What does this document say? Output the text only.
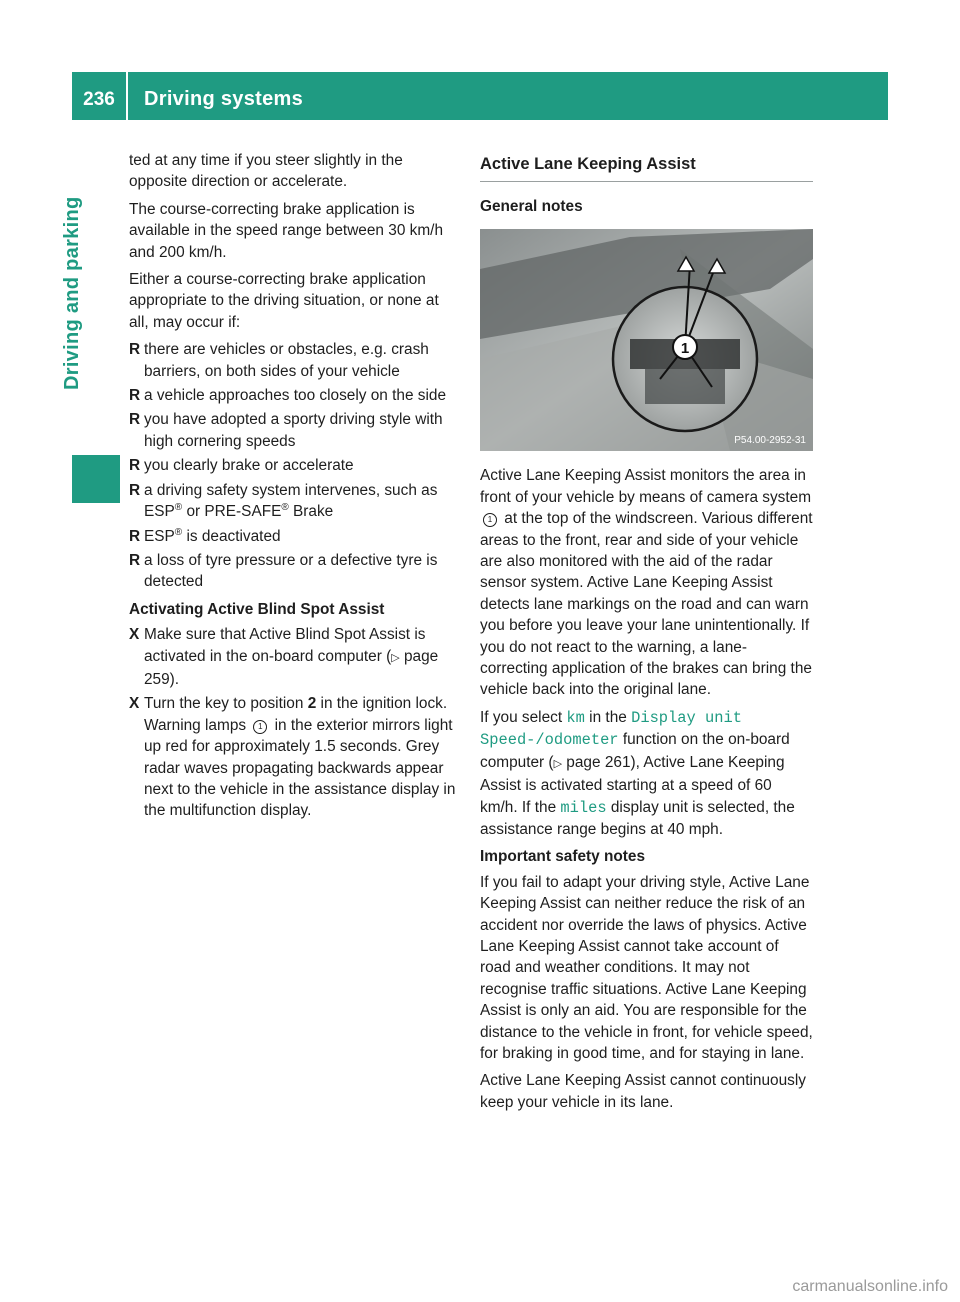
236	Driving systems
Driving and parking

ted at any time if you steer slightly in the opposite direction or accelerate.

The course-correcting brake application is available in the speed range between 30 km/h and 200 km/h.

Either a course-correcting brake application appropriate to the driving situation, or none at all, may occur if:

R there are vehicles or obstacles, e.g. crash barriers, on both sides of your vehicle
R a vehicle approaches too closely on the side
R you have adopted a sporty driving style with high cornering speeds
R you clearly brake or accelerate
R a driving safety system intervenes, such as ESP® or PRE-SAFE® Brake
R ESP® is deactivated
R a loss of tyre pressure or a defective tyre is detected
Activating Active Blind Spot Assist
X Make sure that Active Blind Spot Assist is activated in the on-board computer (▷ page 259).
X Turn the key to position 2 in the ignition lock.
Warning lamps 1 in the exterior mirrors light up red for approximately 1.5 seconds. Grey radar waves propagating backwards appear next to the vehicle in the assistance display in the multifunction display.
Active Lane Keeping Assist
General notes
1
P54.00-2952-31

Active Lane Keeping Assist monitors the area in front of your vehicle by means of camera system 1 at the top of the windscreen. Various different areas to the front, rear and side of your vehicle are also monitored with the aid of the radar sensor system. Active Lane Keeping Assist detects lane markings on the road and can warn you before you leave your lane unintentionally. If you do not react to the warning, a lane-correcting application of the brakes can bring the vehicle back into the original lane.

If you select km in the Display unit Speed-/odometer function on the on-board computer (▷ page 261), Active Lane Keeping Assist is activated starting at a speed of 60 km/h. If the miles display unit is selected, the assistance range begins at 40 mph.

Important safety notes

If you fail to adapt your driving style, Active Lane Keeping Assist can neither reduce the risk of an accident nor override the laws of physics. Active Lane Keeping Assist cannot take account of road and weather conditions. It may not recognise traffic situations. Active Lane Keeping Assist is only an aid. You are responsible for the distance to the vehicle in front, for vehicle speed, for braking in good time, and for staying in lane.

Active Lane Keeping Assist cannot continuously keep your vehicle in its lane.

carmanualsonline.info
